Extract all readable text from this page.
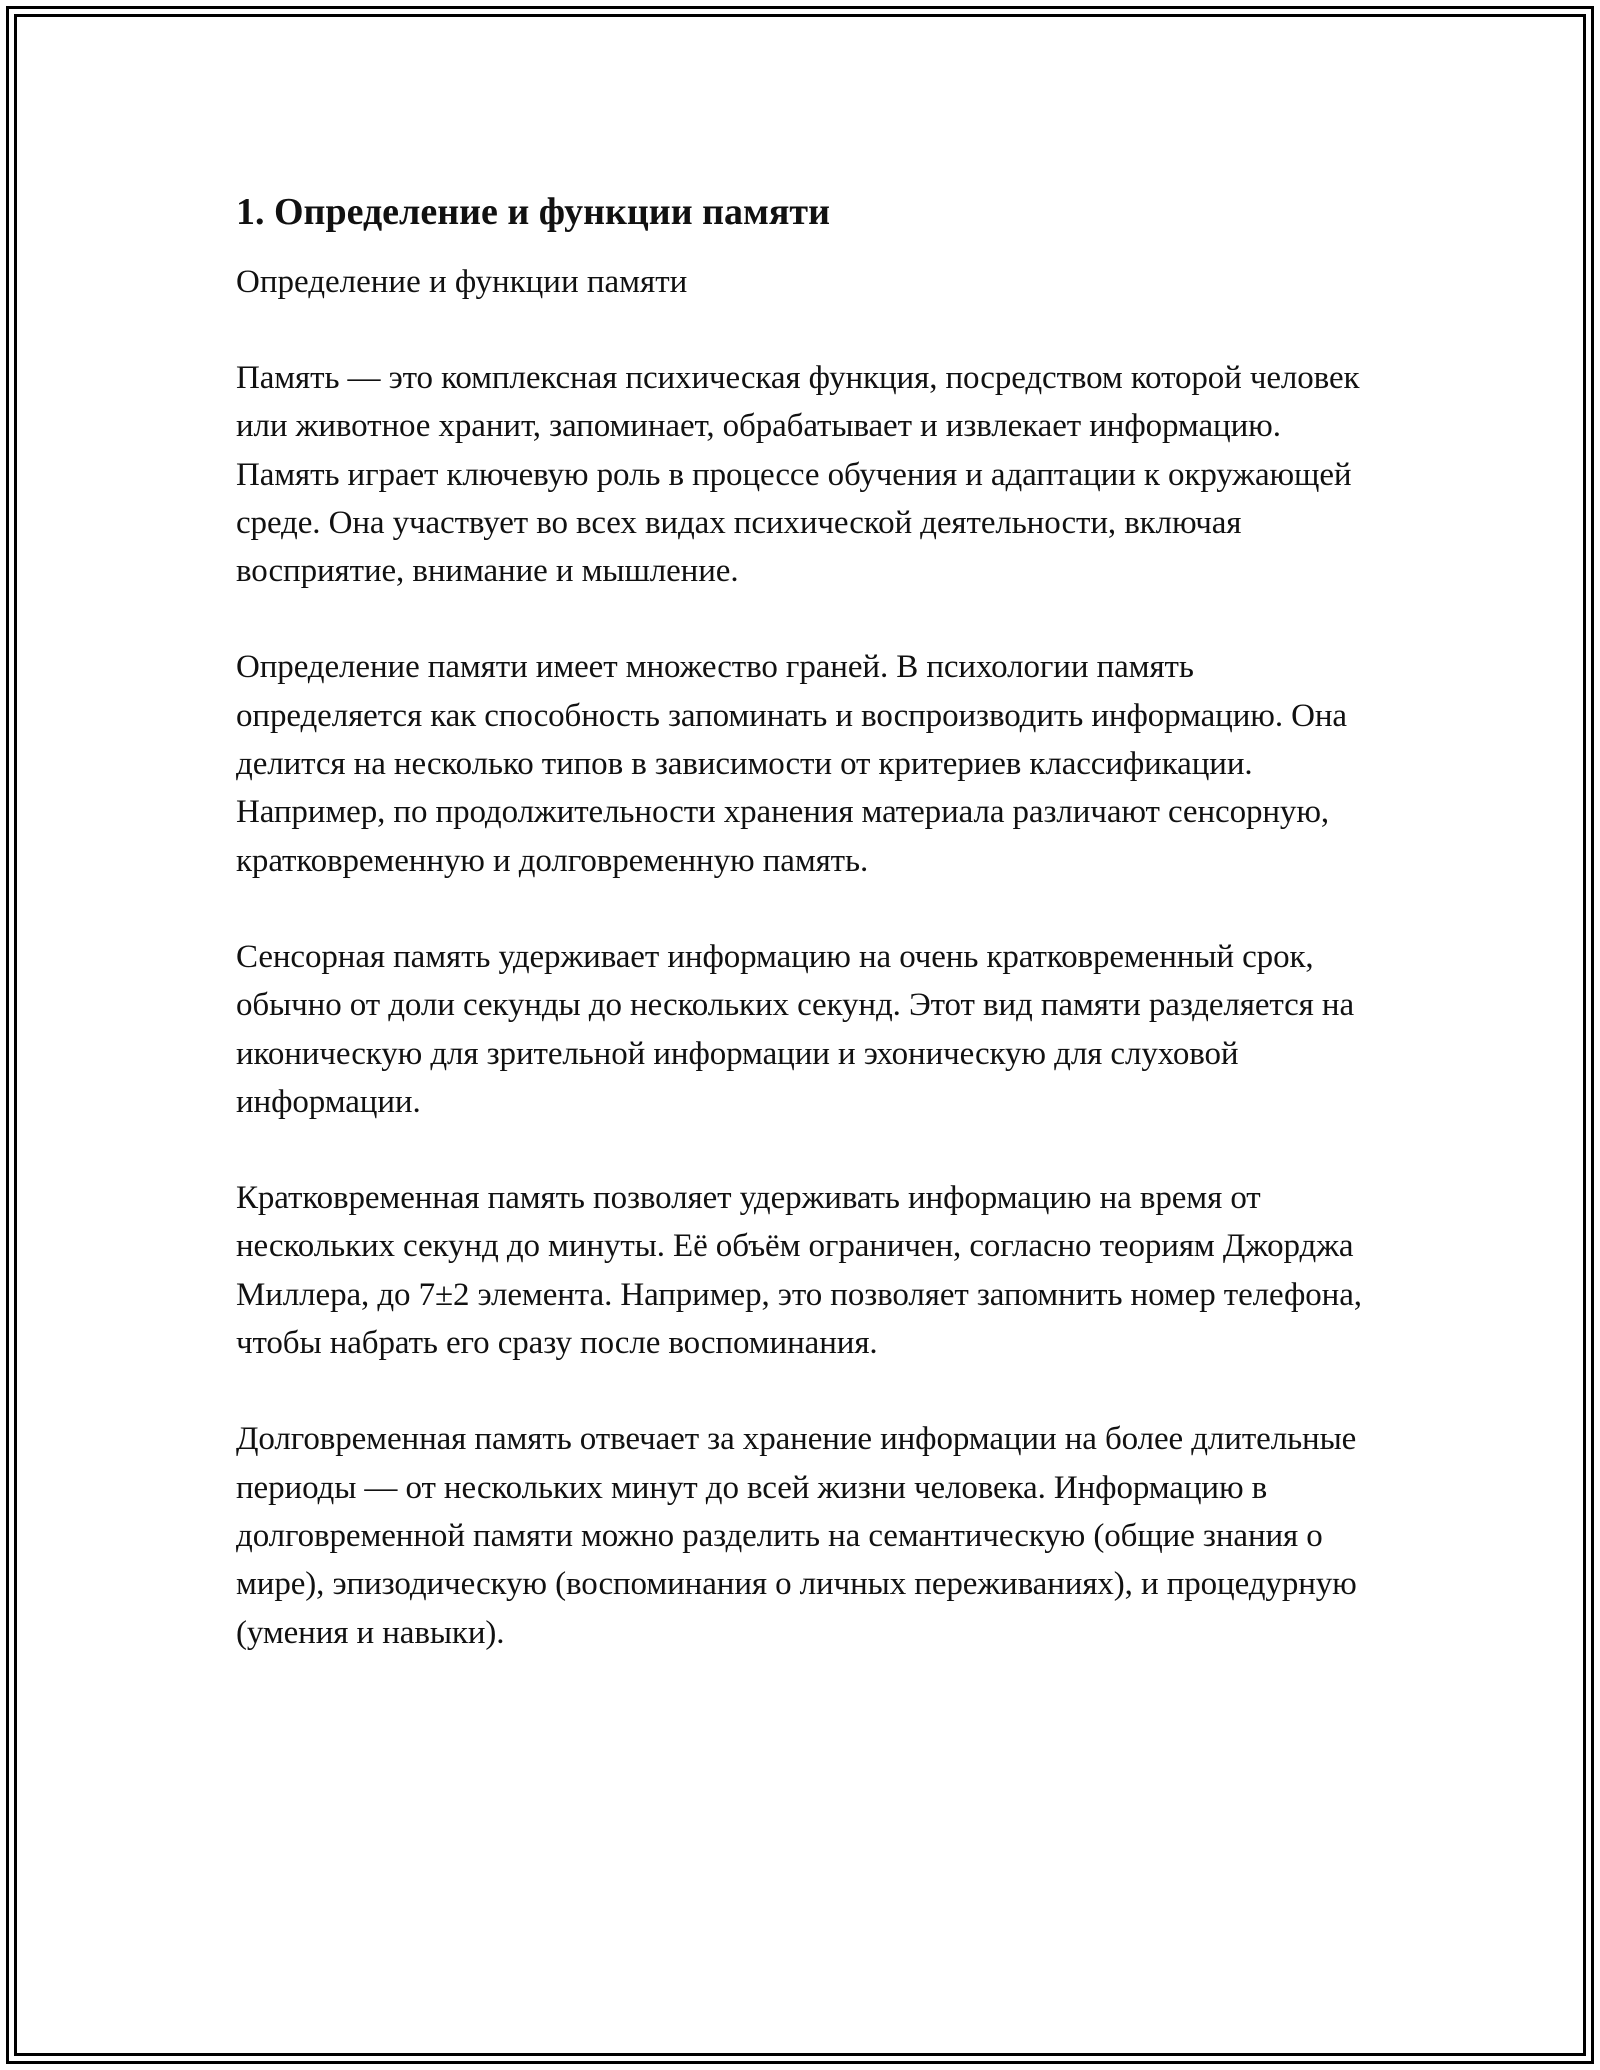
1. Определение и функции памяти

Определение и функции памяти

Память — это комплексная психическая функция, посредством которой человек или животное хранит, запоминает, обрабатывает и извлекает информацию. Память играет ключевую роль в процессе обучения и адаптации к окружающей среде. Она участвует во всех видах психической деятельности, включая восприятие, внимание и мышление.

Определение памяти имеет множество граней. В психологии память определяется как способность запоминать и воспроизводить информацию. Она делится на несколько типов в зависимости от критериев классификации. Например, по продолжительности хранения материала различают сенсорную, кратковременную и долговременную память.

Сенсорная память удерживает информацию на очень кратковременный срок, обычно от доли секунды до нескольких секунд. Этот вид памяти разделяется на иконическую для зрительной информации и эхоническую для слуховой информации.

Кратковременная память позволяет удерживать информацию на время от нескольких секунд до минуты. Её объём ограничен, согласно теориям Джорджа Миллера, до 7±2 элемента. Например, это позволяет запомнить номер телефона, чтобы набрать его сразу после воспоминания.

Долговременная память отвечает за хранение информации на более длительные периоды — от нескольких минут до всей жизни человека. Информацию в долговременной памяти можно разделить на семантическую (общие знания о мире), эпизодическую (воспоминания о личных переживаниях), и процедурную (умения и навыки).
